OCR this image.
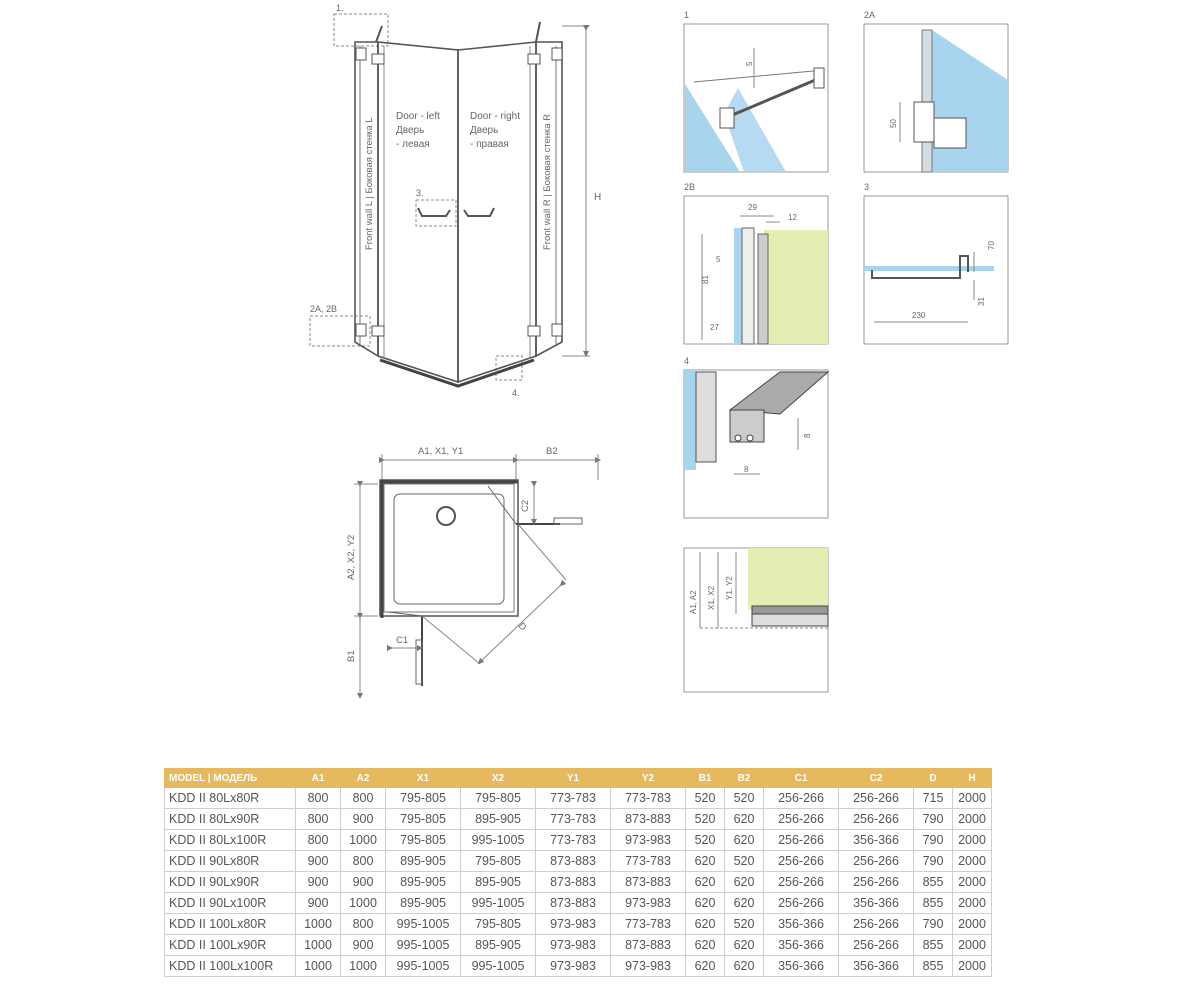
1.
2A, 2B
3.
4.
H
Front wall L | Боковая стенка L	Front wall R | Боковая стенка R
Door - left
Дверь
- левая
Door - right
Дверь
- правая
A1, X1, Y1	B2
A2, X2, Y2
B1
C1
C2
D
1
5
2A
50
2B
29
12
5
81
27
3
70
31
230
4
8
8
A1, A2 X1, X2 Y1, Y2
MODEL | МОДЕЛЬ	A1	A2	X1	X2	Y1	Y2	B1	B2	C1	C2	D	H
KDD II 80Lx80R	800	800	795-805	795-805	773-783	773-783	520	520	256-266	256-266	715	2000
KDD II 80Lx90R	800	900	795-805	895-905	773-783	873-883	520	620	256-266	256-266	790	2000
KDD II 80Lx100R	800	1000	795-805	995-1005	773-783	973-983	520	620	256-266	356-366	790	2000
KDD II 90Lx80R	900	800	895-905	795-805	873-883	773-783	620	520	256-266	256-266	790	2000
KDD II 90Lx90R	900	900	895-905	895-905	873-883	873-883	620	620	256-266	256-266	855	2000
KDD II 90Lx100R	900	1000	895-905	995-1005	873-883	973-983	620	620	256-266	356-366	855	2000
KDD II 100Lx80R	1000	800	995-1005	795-805	973-983	773-783	620	520	356-366	256-266	790	2000
KDD II 100Lx90R	1000	900	995-1005	895-905	973-983	873-883	620	620	356-366	256-266	855	2000
KDD II 100Lx100R	1000	1000	995-1005	995-1005	973-983	973-983	620	620	356-366	356-366	855	2000
